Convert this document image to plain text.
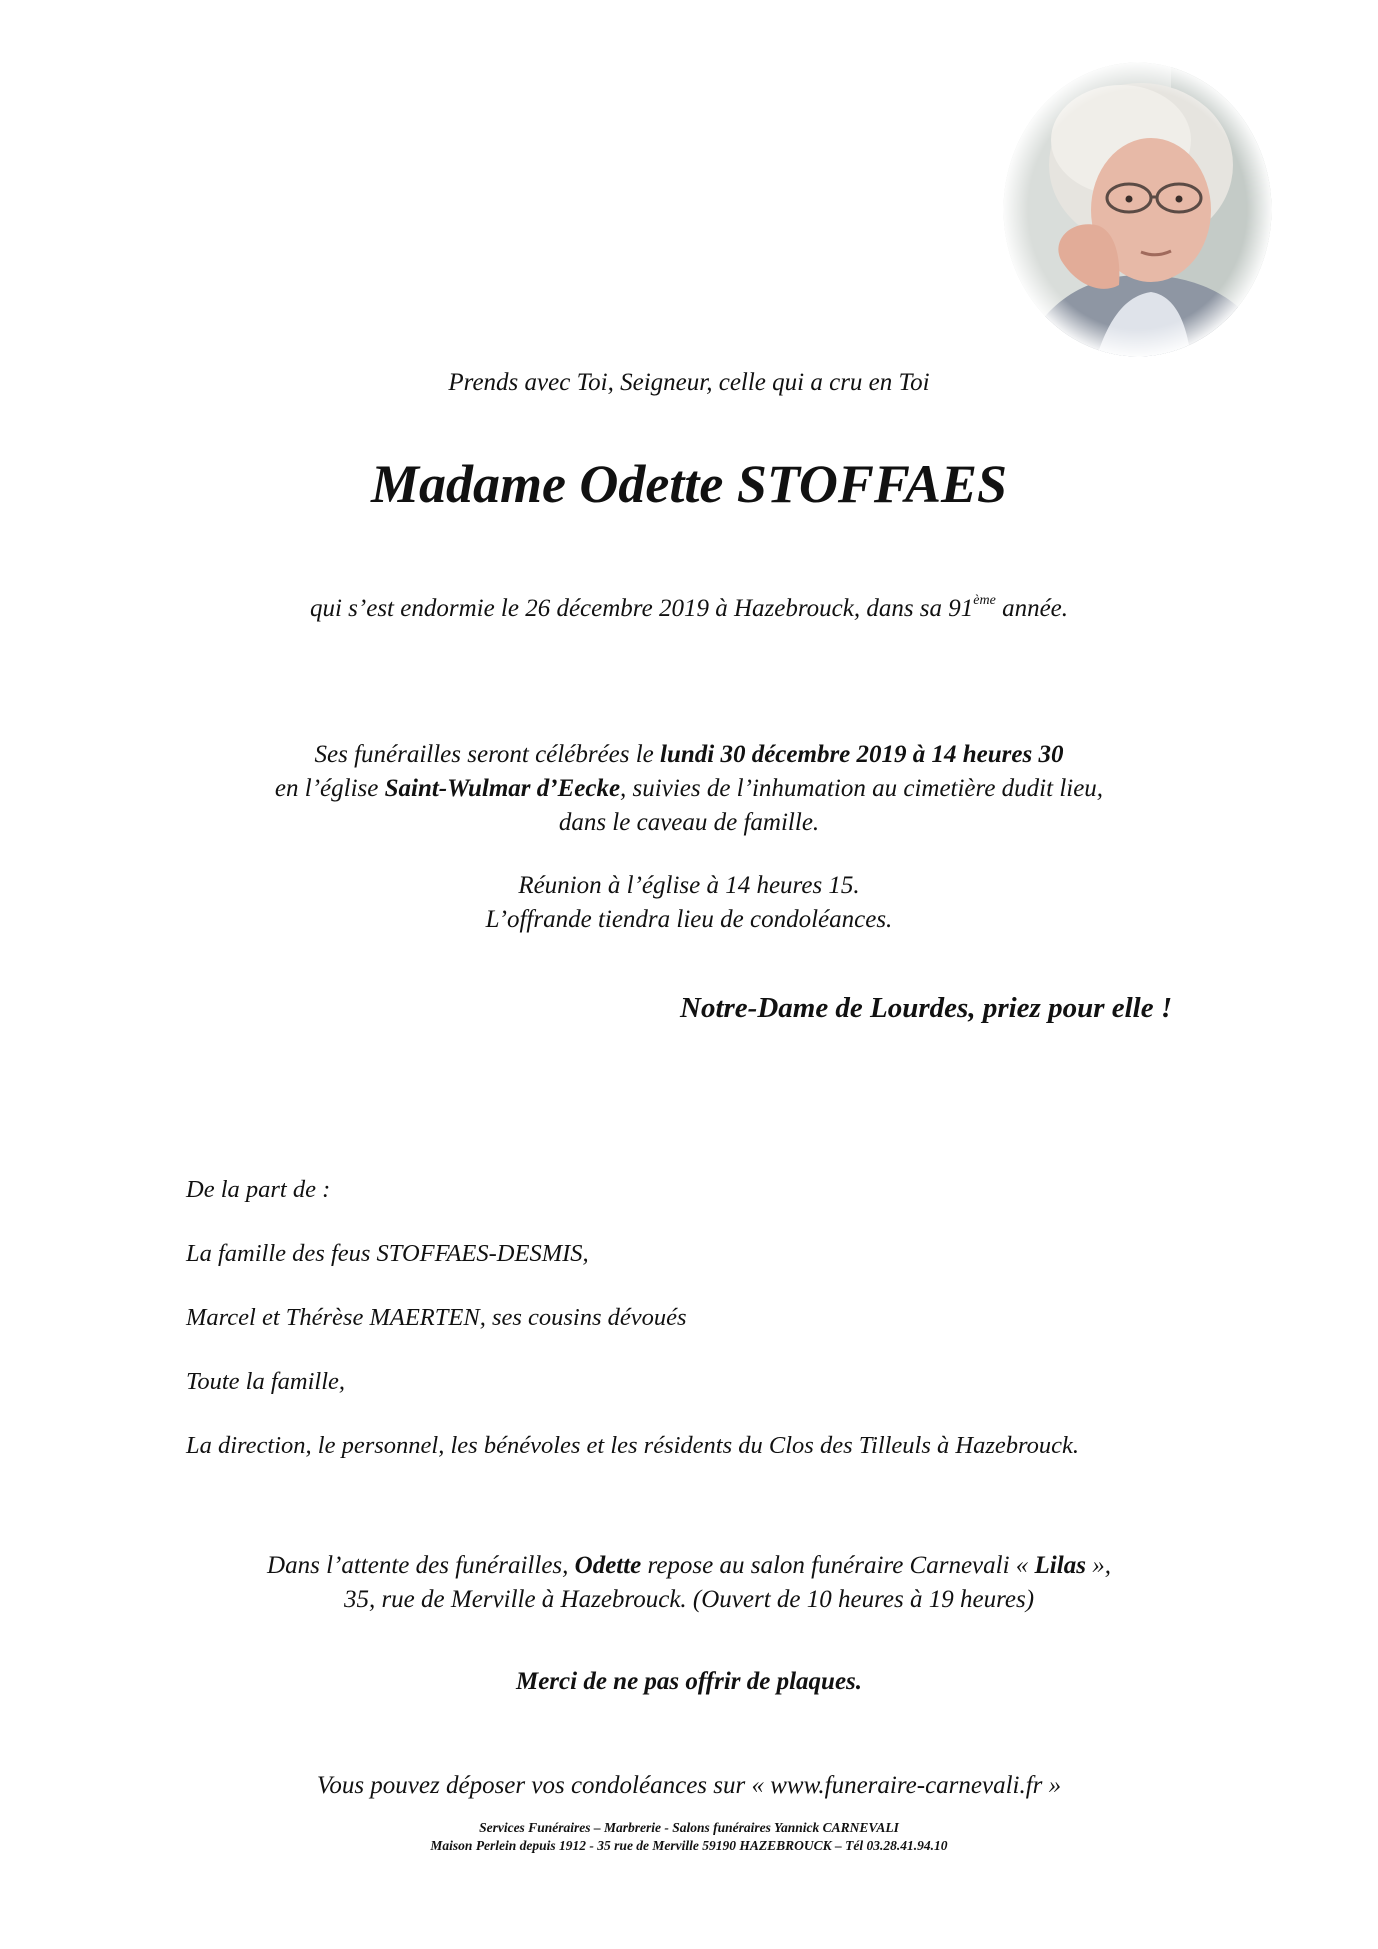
Prends avec Toi, Seigneur, celle qui a cru en Toi
Madame Odette STOFFAES
qui s’est endormie le 26 décembre 2019 à Hazebrouck, dans sa 91ème année.
Ses funérailles seront célébrées le lundi 30 décembre 2019 à 14 heures 30
en l’église Saint-Wulmar d’Eecke, suivies de l’inhumation au cimetière dudit lieu,
dans le caveau de famille.
Réunion à l’église à 14 heures 15.
L’offrande tiendra lieu de condoléances.
Notre-Dame de Lourdes, priez pour elle !
De la part de :
La famille des feus STOFFAES-DESMIS,
Marcel et Thérèse MAERTEN, ses cousins dévoués
Toute la famille,
La direction, le personnel, les bénévoles et les résidents du Clos des Tilleuls à Hazebrouck.
Dans l’attente des funérailles, Odette repose au salon funéraire Carnevali « Lilas »,
35, rue de Merville à Hazebrouck. (Ouvert de 10 heures à 19 heures)
Merci de ne pas offrir de plaques.
Vous pouvez déposer vos condoléances sur « www.funeraire-carnevali.fr »
Services Funéraires – Marbrerie - Salons funéraires Yannick CARNEVALI
Maison Perlein depuis 1912 - 35 rue de Merville 59190 HAZEBROUCK – Tél 03.28.41.94.10
